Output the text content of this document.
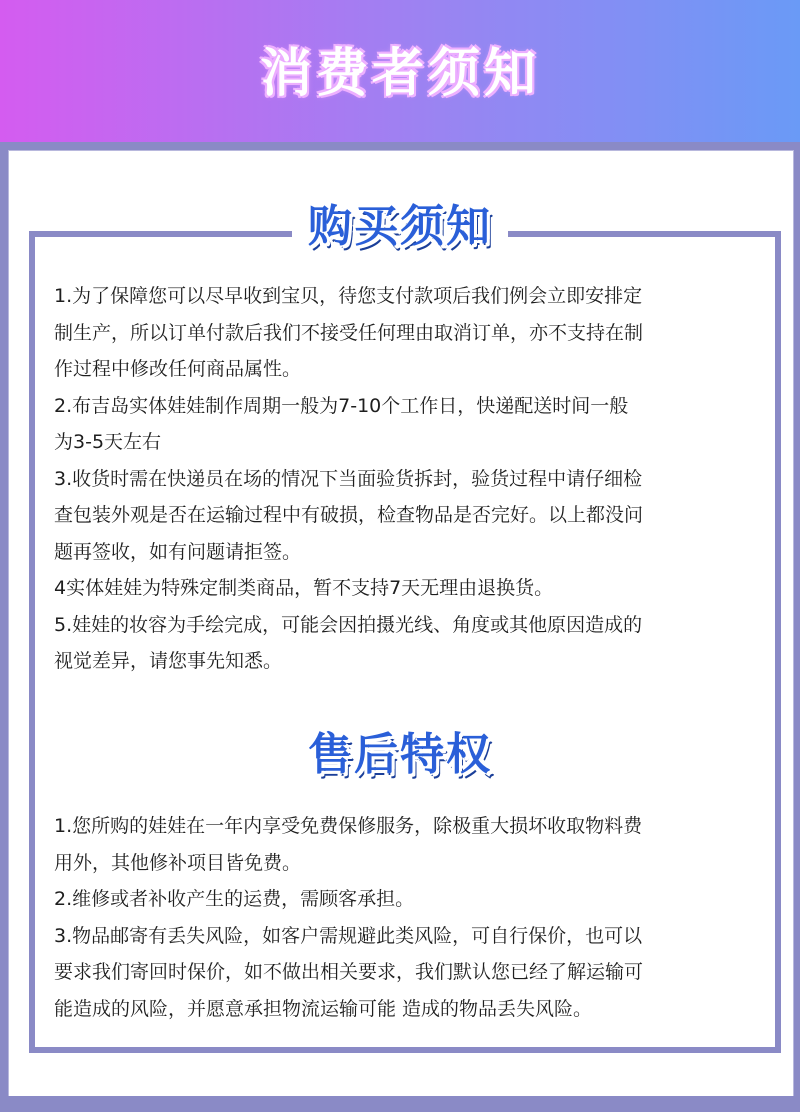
消费者须知
购买须知

1.为了保障您可以尽早收到宝贝，待您支付款项后我们例会立即安排定

制生产，所以订单付款后我们不接受任何理由取消订单，亦不支持在制

作过程中修改任何商品属性。

2.布吉岛实体娃娃制作周期一般为7-10个工作日，快递配送时间一般

为3-5天左右

3.收货时需在快递员在场的情况下当面验货拆封，验货过程中请仔细检

查包装外观是否在运输过程中有破损，检查物品是否完好。以上都没问

题再签收，如有问题请拒签。

4实体娃娃为特殊定制类商品，暂不支持7天无理由退换货。

5.娃娃的妆容为手绘完成，可能会因拍摄光线、角度或其他原因造成的

视觉差异，请您事先知悉。

售后特权

1.您所购的娃娃在一年内享受免费保修服务，除极重大损坏收取物料费

用外，其他修补项目皆免费。

2.维修或者补收产生的运费，需顾客承担。

3.物品邮寄有丢失风险，如客户需规避此类风险，可自行保价，也可以

要求我们寄回时保价，如不做出相关要求，我们默认您已经了解运输可

能造成的风险，并愿意承担物流运输可能 造成的物品丢失风险。
